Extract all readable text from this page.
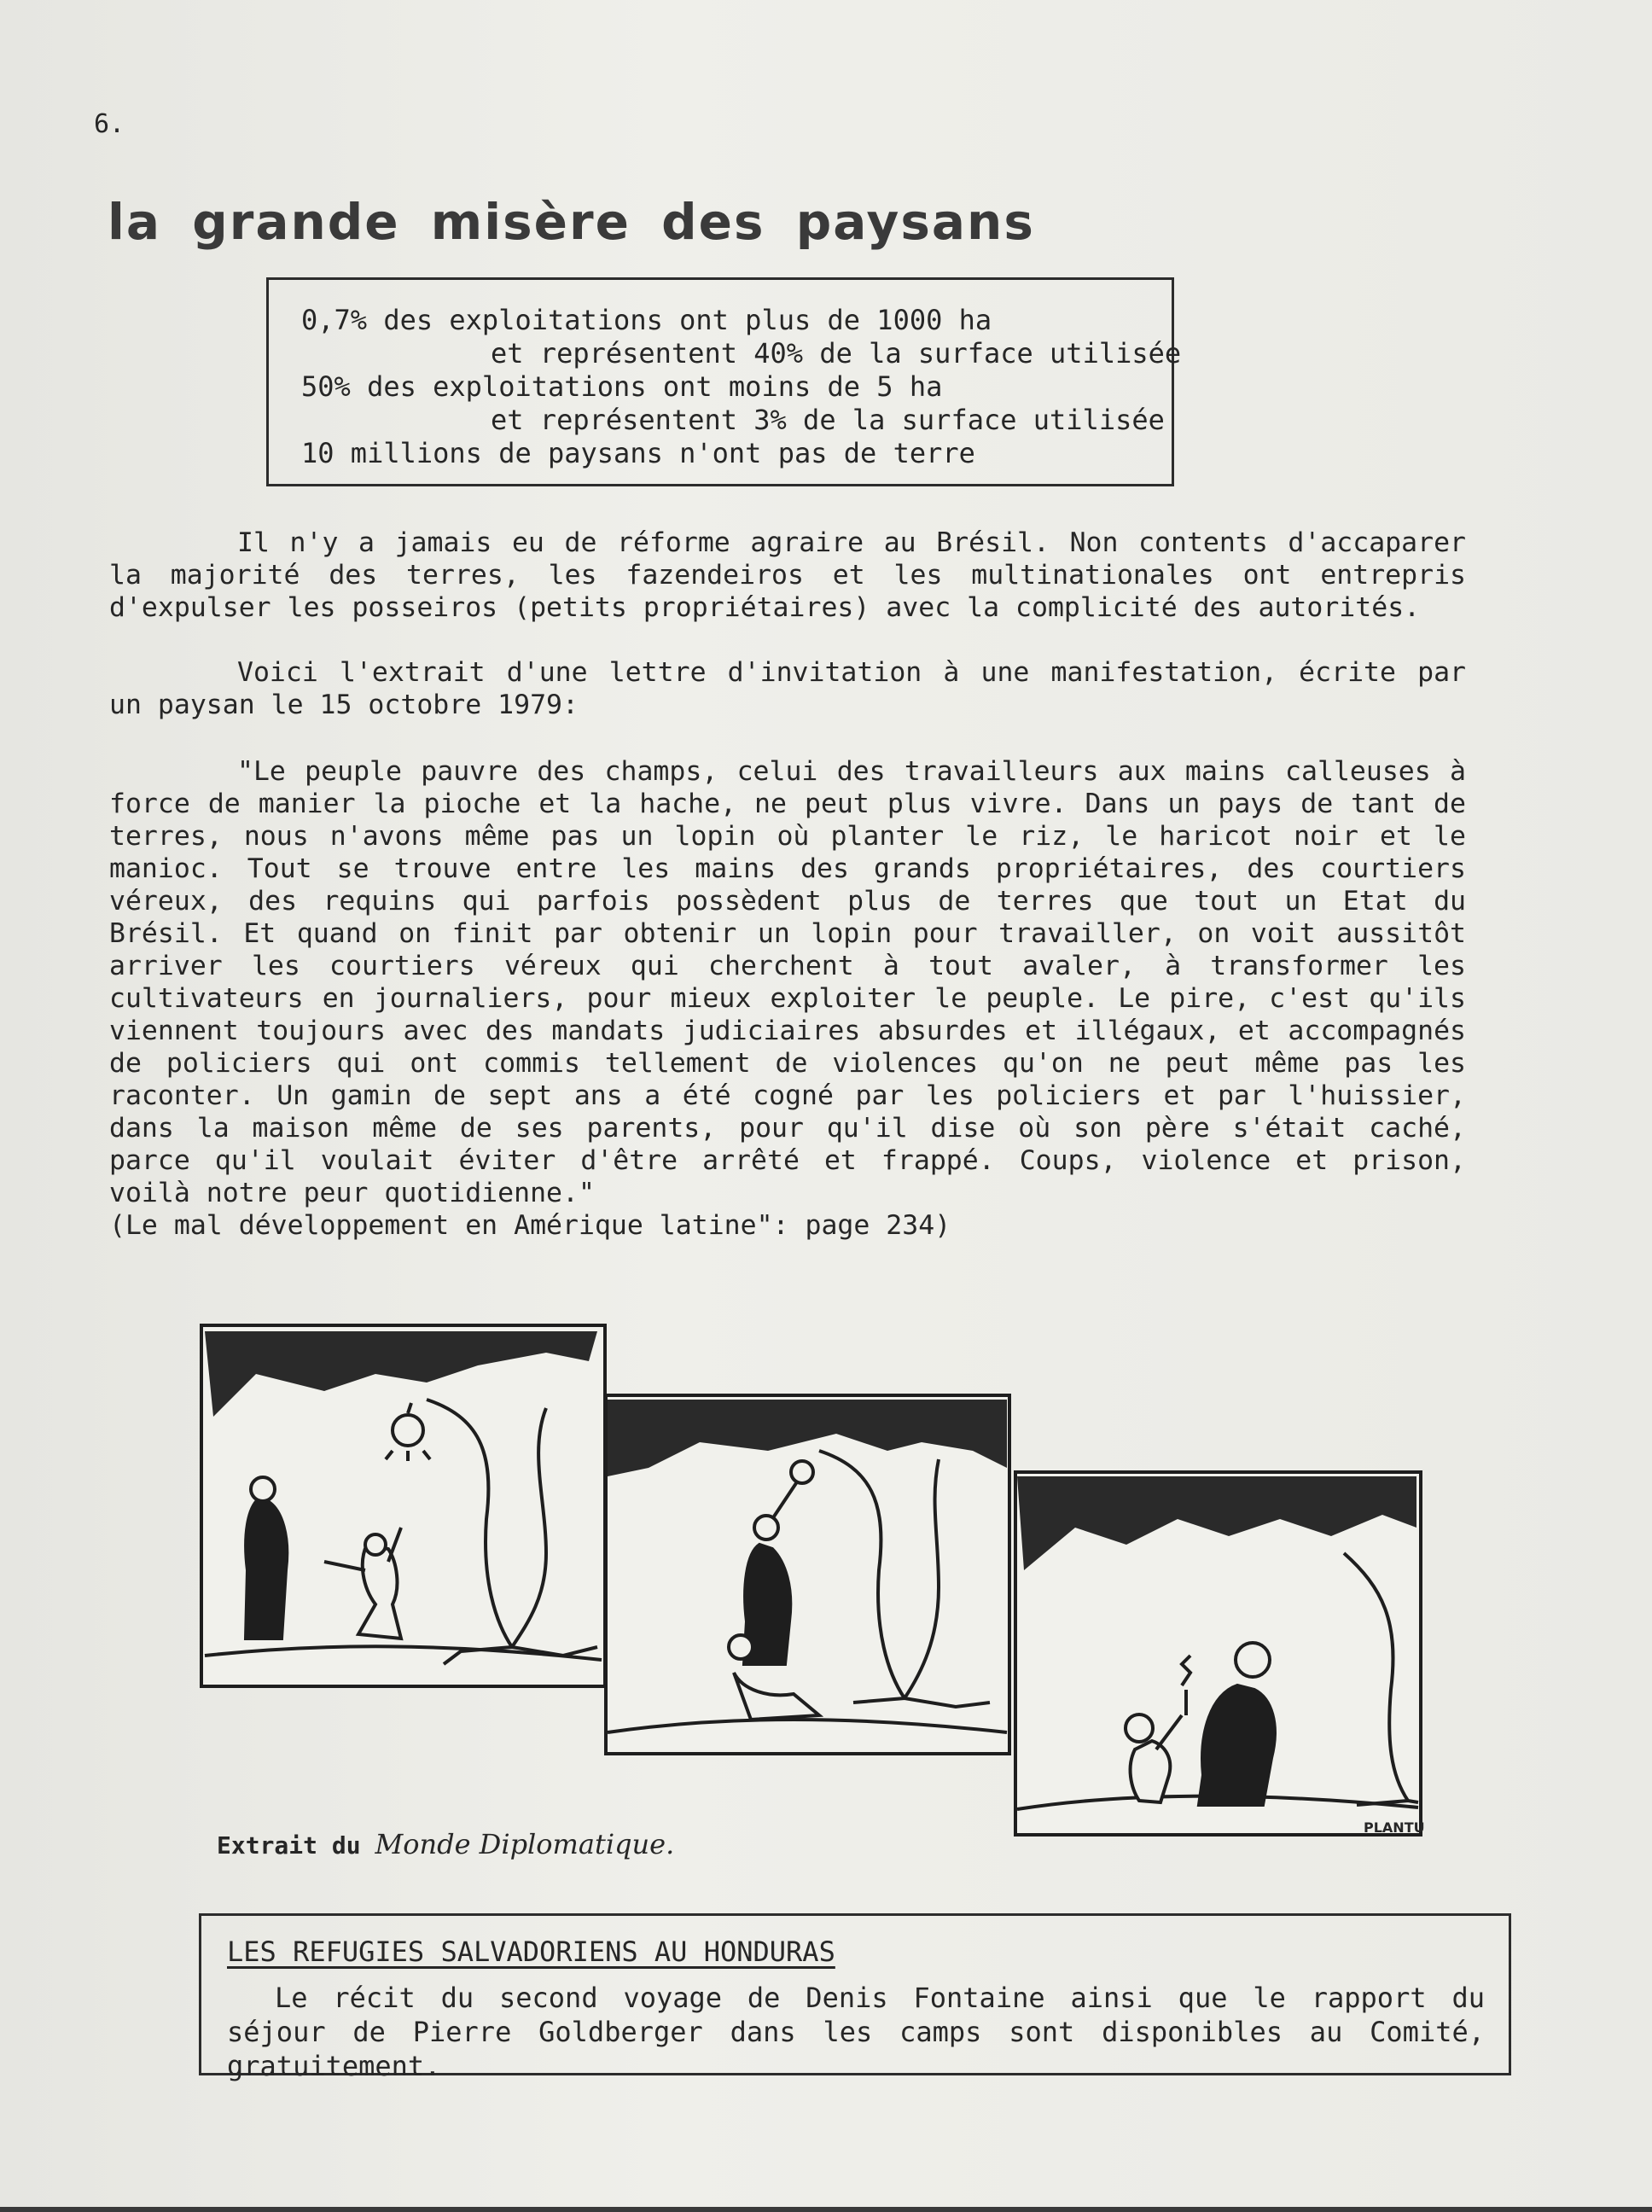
6.
la grande misère des paysans
0,7% des exploitations ont plus de 1000 ha
et représentent 40% de la surface utilisée
50% des exploitations ont moins de 5 ha
et représentent 3% de la surface utilisée
10 millions de paysans n'ont pas de terre

Il n'y a jamais eu de réforme agraire au Brésil. Non contents d'accaparer la majorité des terres, les fazendeiros et les multinationales ont entrepris d'expulser les posseiros (petits propriétaires) avec la complicité des autorités.

Voici l'extrait d'une lettre d'invitation à une manifestation, écrite par un paysan le 15 octobre 1979:

"Le peuple pauvre des champs, celui des travailleurs aux mains calleuses à force de manier la pioche et la hache, ne peut plus vivre. Dans un pays de tant de terres, nous n'avons même pas un lopin où planter le riz, le haricot noir et le manioc. Tout se trouve entre les mains des grands propriétaires, des courtiers véreux, des requins qui parfois possèdent plus de terres que tout un Etat du Brésil. Et quand on finit par obtenir un lopin pour travailler, on voit aussitôt arriver les courtiers véreux qui cherchent à tout avaler, à transformer les cultivateurs en journaliers, pour mieux exploiter le peuple. Le pire, c'est qu'ils viennent toujours avec des mandats judiciaires absurdes et illégaux, et accompagnés de policiers qui ont commis tellement de violences qu'on ne peut même pas les raconter. Un gamin de sept ans a été cogné par les policiers et par l'huissier, dans la maison même de ses parents, pour qu'il dise où son père s'était caché, parce qu'il voulait éviter d'être arrêté et frappé. Coups, violence et prison, voilà notre peur quotidienne."
(Le mal développement en Amérique latine": page 234)
Extrait du Monde Diplomatique.
PLANTU
LES REFUGIES SALVADORIENS AU HONDURAS
Le récit du second voyage de Denis Fontaine ainsi que le rapport du séjour de Pierre Goldberger dans les camps sont disponibles au Comité, gratuitement.
